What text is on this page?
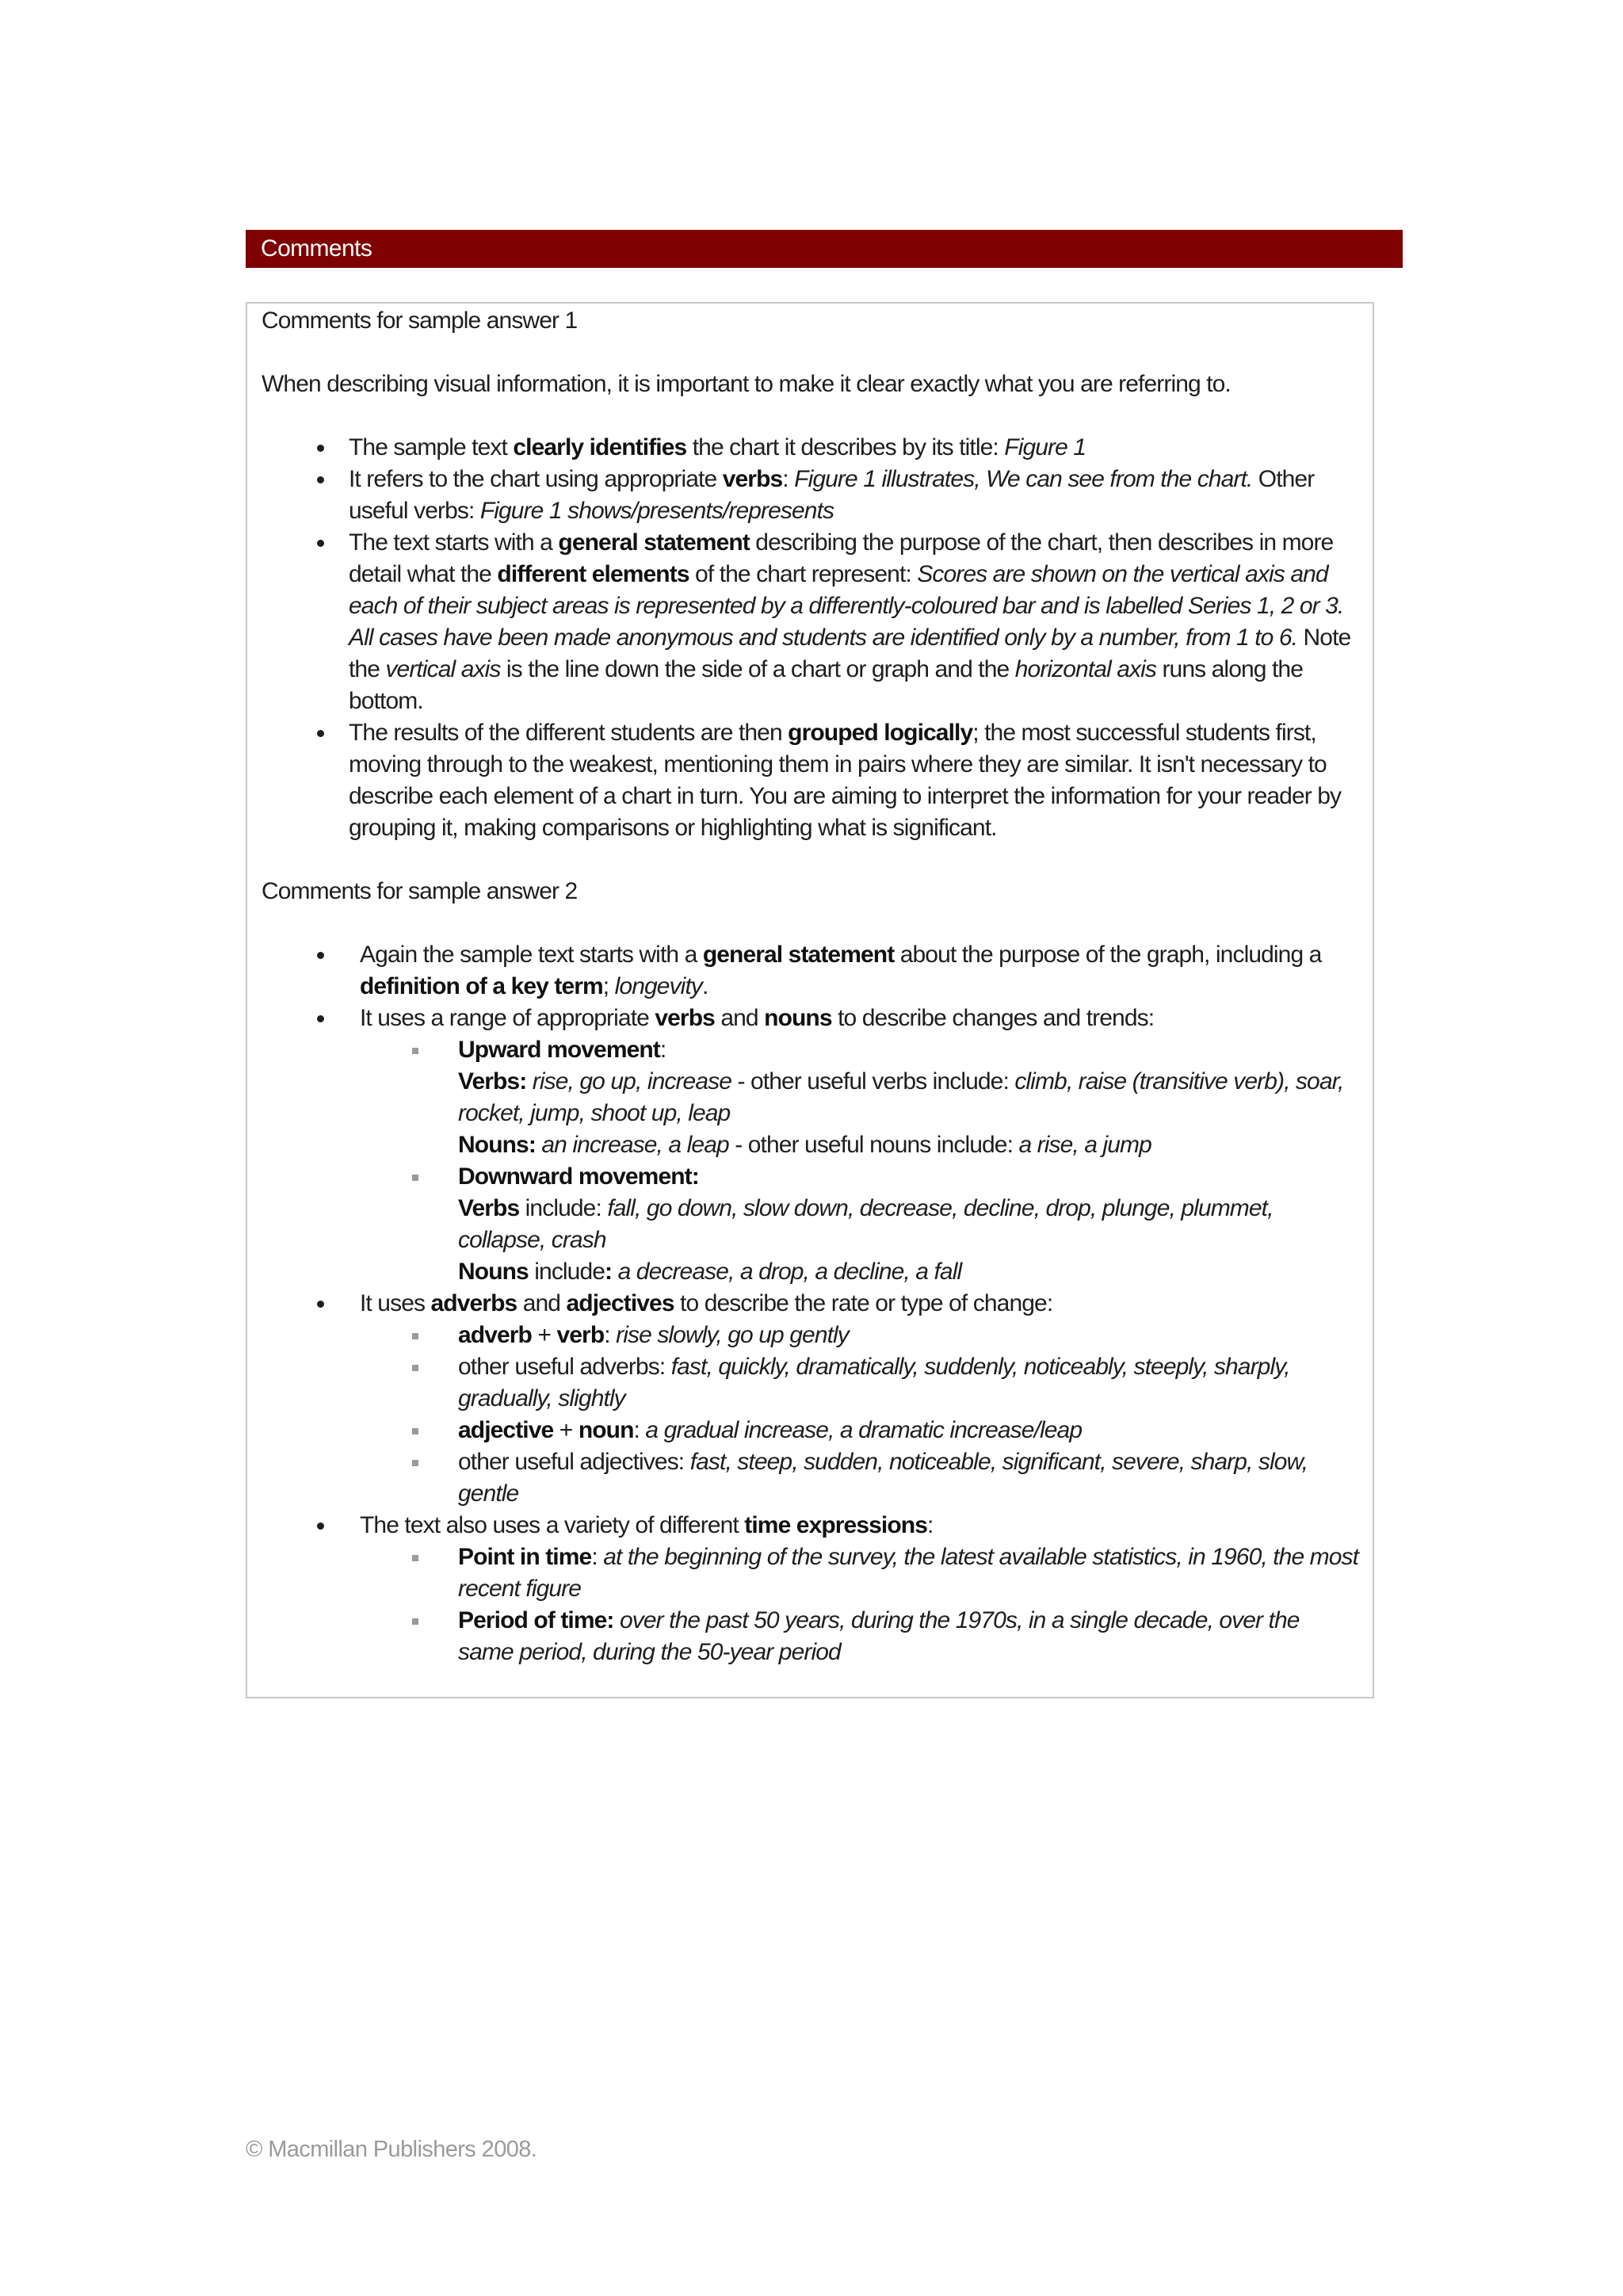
Comments

Comments for sample answer 1

When describing visual information, it is important to make it clear exactly what you are referring to.

The sample text clearly identifies the chart it describes by its title: Figure 1
It refers to the chart using appropriate verbs: Figure 1 illustrates, We can see from the chart. Other useful verbs: Figure 1 shows/presents/represents
The text starts with a general statement describing the purpose of the chart, then describes in more detail what the different elements of the chart represent: Scores are shown on the vertical axis and each of their subject areas is represented by a differently-coloured bar and is labelled Series 1, 2 or 3. All cases have been made anonymous and students are identified only by a number, from 1 to 6. Note the vertical axis is the line down the side of a chart or graph and the horizontal axis runs along the bottom.
The results of the different students are then grouped logically; the most successful students first, moving through to the weakest, mentioning them in pairs where they are similar. It isn't necessary to describe each element of a chart in turn. You are aiming to interpret the information for your reader by grouping it, making comparisons or highlighting what is significant.

Comments for sample answer 2

Again the sample text starts with a general statement about the purpose of the graph, including a definition of a key term; longevity.
It uses a range of appropriate verbs and nouns to describe changes and trends:
Upward movement:
Verbs: rise, go up, increase - other useful verbs include: climb, raise (transitive verb), soar, rocket, jump, shoot up, leap
Nouns: an increase, a leap - other useful nouns include: a rise, a jump
Downward movement:
Verbs include: fall, go down, slow down, decrease, decline, drop, plunge, plummet, collapse, crash
Nouns include: a decrease, a drop, a decline, a fall
It uses adverbs and adjectives to describe the rate or type of change:
adverb + verb: rise slowly, go up gently
other useful adverbs: fast, quickly, dramatically, suddenly, noticeably, steeply, sharply, gradually, slightly
adjective + noun: a gradual increase, a dramatic increase/leap
other useful adjectives: fast, steep, sudden, noticeable, significant, severe, sharp, slow, gentle
The text also uses a variety of different time expressions:
Point in time: at the beginning of the survey, the latest available statistics, in 1960, the most recent figure
Period of time: over the past 50 years, during the 1970s, in a single decade, over the same period, during the 50-year period
© Macmillan Publishers 2008.
